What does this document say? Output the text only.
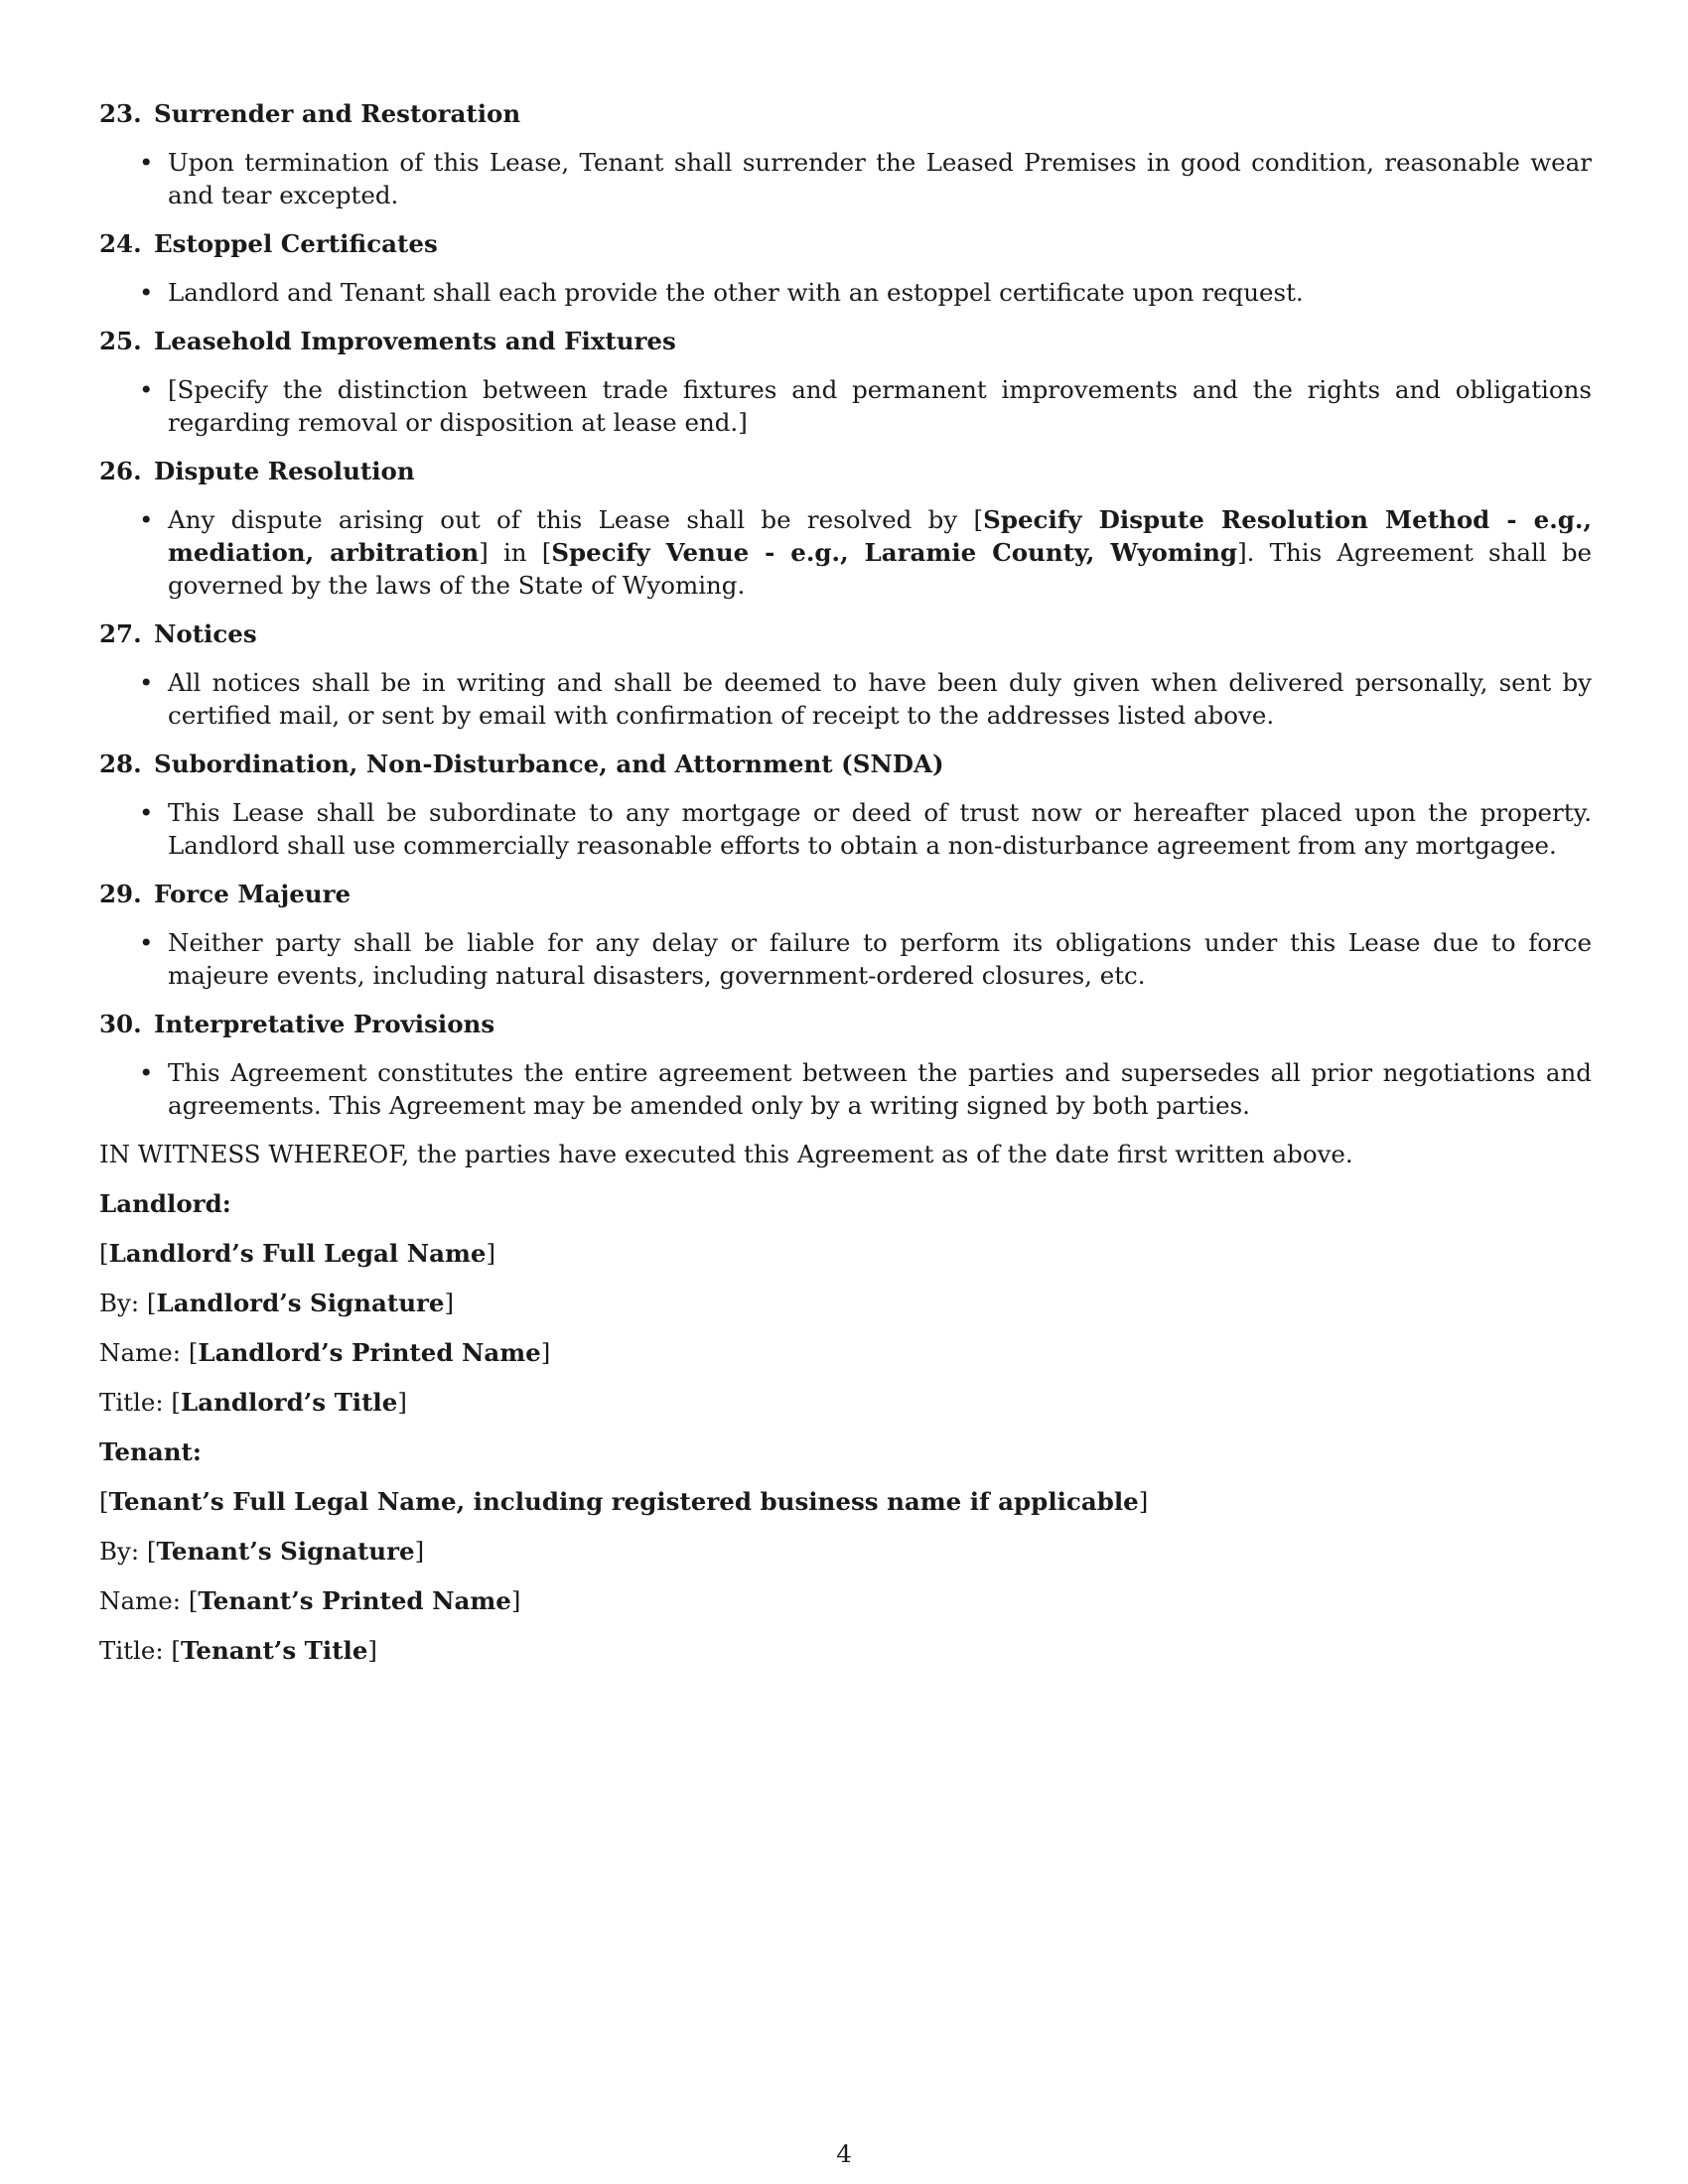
23. Surrender and Restoration
• Upon termination of this Lease, Tenant shall surrender the Leased Premises in good condition, reasonable wear and tear excepted.
24. Estoppel Certificates
• Landlord and Tenant shall each provide the other with an estoppel certificate upon request.
25. Leasehold Improvements and Fixtures
• [Specify the distinction between trade fixtures and permanent improvements and the rights and obligations regarding removal or disposition at lease end.]
26. Dispute Resolution
• Any dispute arising out of this Lease shall be resolved by [Specify Dispute Resolution Method - e.g., mediation, arbitration] in [Specify Venue - e.g., Laramie County, Wyoming]. This Agreement shall be governed by the laws of the State of Wyoming.
27. Notices
• All notices shall be in writing and shall be deemed to have been duly given when delivered personally, sent by certified mail, or sent by email with confirmation of receipt to the addresses listed above.
28. Subordination, Non-Disturbance, and Attornment (SNDA)
• This Lease shall be subordinate to any mortgage or deed of trust now or hereafter placed upon the property. Landlord shall use commercially reasonable efforts to obtain a non-disturbance agreement from any mortgagee.
29. Force Majeure
• Neither party shall be liable for any delay or failure to perform its obligations under this Lease due to force majeure events, including natural disasters, government-ordered closures, etc.
30. Interpretative Provisions
• This Agreement constitutes the entire agreement between the parties and supersedes all prior negotiations and agreements. This Agreement may be amended only by a writing signed by both parties.

IN WITNESS WHEREOF, the parties have executed this Agreement as of the date first written above.

Landlord:

[Landlord’s Full Legal Name]

By: [Landlord’s Signature]

Name: [Landlord’s Printed Name]

Title: [Landlord’s Title]

Tenant:

[Tenant’s Full Legal Name, including registered business name if applicable]

By: [Tenant’s Signature]

Name: [Tenant’s Printed Name]

Title: [Tenant’s Title]

4
